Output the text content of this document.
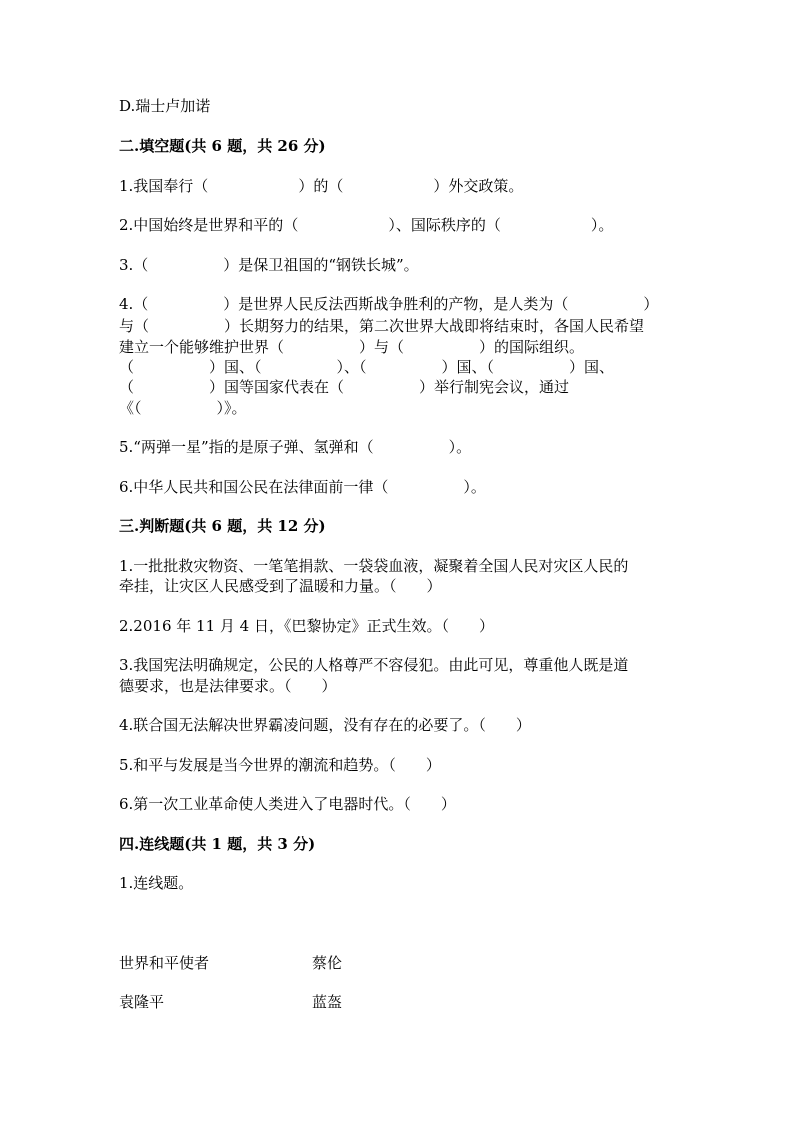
D.瑞士卢加诺
二.填空题(共 6 题，共 26 分)
1.我国奉行（　　　　　　）的（　　　　　　）外交政策。
2.中国始终是世界和平的（　　　　　　）、国际秩序的（　　　　　　）。
3.（　　　　　）是保卫祖国的“钢铁长城”。
4.（　　　　　）是世界人民反法西斯战争胜利的产物，是人类为（　　　　　）
与（　　　　　）长期努力的结果，第二次世界大战即将结束时，各国人民希望
建立一个能够维护世界（　　　　　）与（　　　　　）的国际组织。
（　　　　　）国、（　　　　　）、（　　　　　）国、（　　　　　）国、
（　　　　　）国等国家代表在（　　　　　）举行制宪会议，通过
《（　　　　　）》。
5.“两弹一星”指的是原子弹、氢弹和（　　　　　）。
6.中华人民共和国公民在法律面前一律（　　　　　）。
三.判断题(共 6 题，共 12 分)
1.一批批救灾物资、一笔笔捐款、一袋袋血液，凝聚着全国人民对灾区人民的
牵挂，让灾区人民感受到了温暖和力量。（　　）
2.2016 年 11 月 4 日，《巴黎协定》正式生效。（　　）
3.我国宪法明确规定，公民的人格尊严不容侵犯。由此可见，尊重他人既是道
德要求，也是法律要求。（　　）
4.联合国无法解决世界霸凌问题，没有存在的必要了。（　　）
5.和平与发展是当今世界的潮流和趋势。（　　）
6.第一次工业革命使人类进入了电器时代。（　　）
四.连线题(共 1 题，共 3 分)
1.连线题。
世界和平使者	蔡伦
袁隆平	蓝盔
